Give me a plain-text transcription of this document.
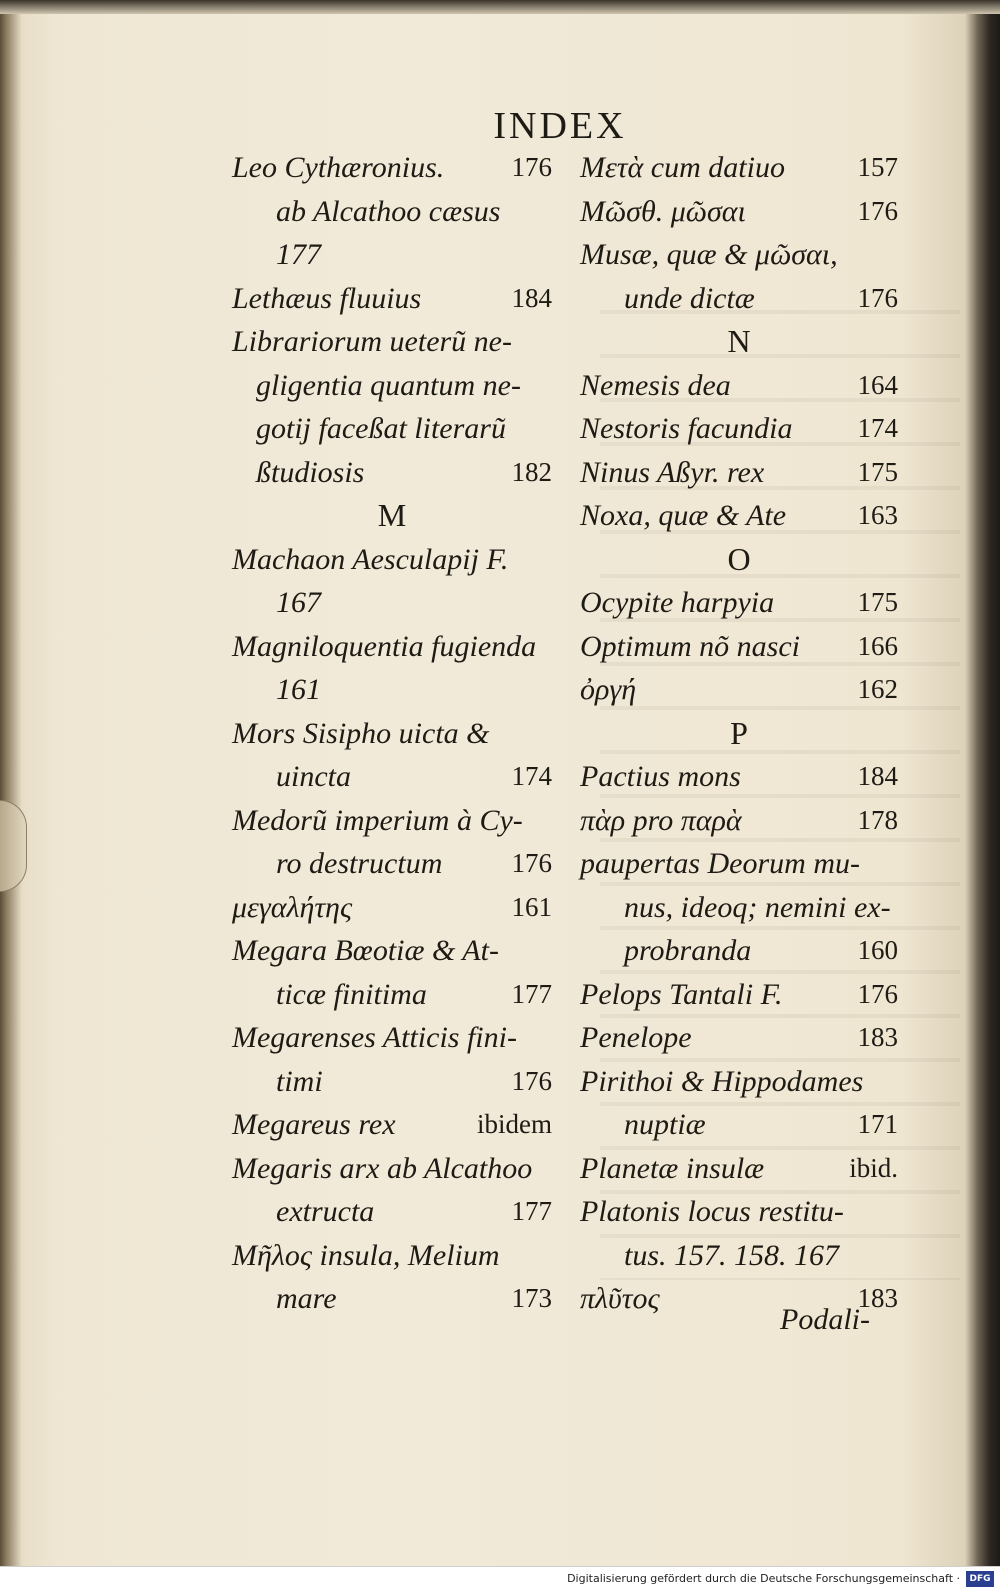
INDEX
Leo Cythæronius.	176
ab Alcathoo cæsus
177
Lethæus fluuius	184
Librariorum ueterũ ne-
gligentia quantum ne-
gotij faceßat literarũ
ßtudiosis	182
M
Machaon Aesculapij F.
167
Magniloquentia fugienda
161
Mors Sisipho uicta &
uincta	174
Medorũ imperium à Cy-
ro destructum	176
μεγαλήτης	161
Megara Bœotiæ & At-
ticæ finitima	177
Megarenses Atticis fini-
timi	176
Megareus rex	ibidem
Megaris arx ab Alcathoo
extructa	177
Μῆλος insula, Melium
mare	173
Μετὰ cum datiuo	157
Μῶσθ. μῶσαι	176
Musæ, quæ & μῶσαι,
unde dictæ	176
N
Nemesis dea	164
Nestoris facundia	174
Ninus Aßyr. rex	175
Noxa, quæ & Ate	163
O
Ocypite harpyia	175
Optimum nõ nasci	166
ὀργή	162
P
Pactius mons	184
πὰρ pro παρὰ	178
paupertas Deorum mu-
nus, ideoq; nemini ex-
probranda	160
Pelops Tantali F.	176
Penelope	183
Pirithoi & Hippodames
nuptiæ	171
Planetæ insulæ	ibid.
Platonis locus restitu-
tus. 157. 158. 167
πλῦτος	183
Podali-
Digitalisierung gefördert durch die Deutsche Forschungsgemeinschaft ·	DFG
